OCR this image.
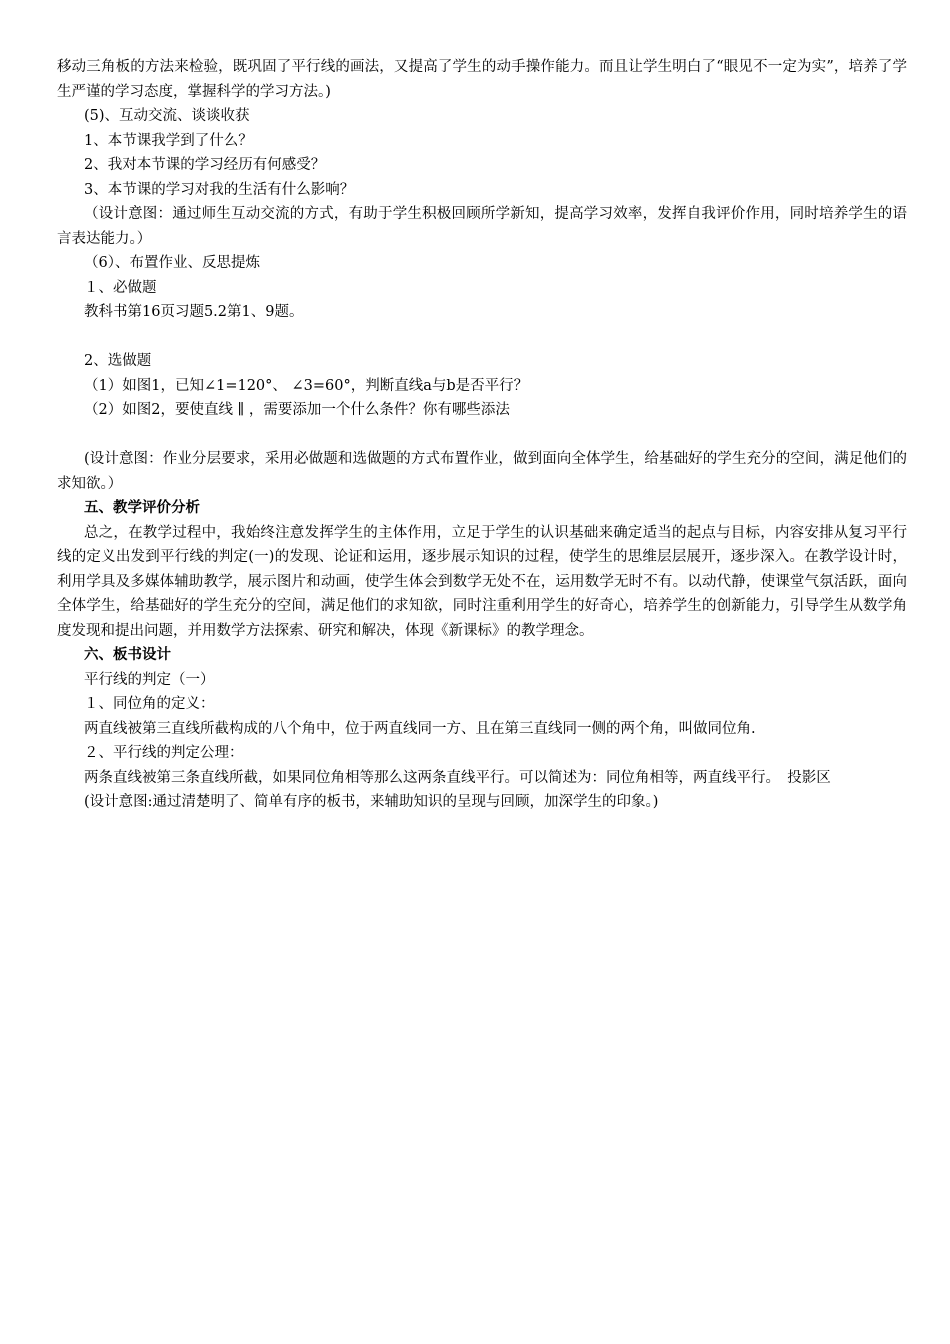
移动三角板的方法来检验，既巩固了平行线的画法，又提高了学生的动手操作能力。而且让学生明白了“眼见不一定为实”，培养了学生严谨的学习态度，掌握科学的学习方法。)

(5)、互动交流、谈谈收获

1、本节课我学到了什么？

2、我对本节课的学习经历有何感受？

3、本节课的学习对我的生活有什么影响？

（设计意图：通过师生互动交流的方式，有助于学生积极回顾所学新知，提高学习效率，发挥自我评价作用，同时培养学生的语言表达能力。）

（6）、布置作业、反思提炼

１、必做题

教科书第16页习题5.2第1、9题。

2、选做题

（1）如图1，已知∠1=120°、 ∠3=60°，判断直线a与b是否平行？

（2）如图2，要使直线 ∥ ，需要添加一个什么条件？你有哪些添法

(设计意图：作业分层要求，采用必做题和选做题的方式布置作业，做到面向全体学生，给基础好的学生充分的空间，满足他们的求知欲。）

五、教学评价分析

总之，在教学过程中，我始终注意发挥学生的主体作用，立足于学生的认识基础来确定适当的起点与目标，内容安排从复习平行线的定义出发到平行线的判定(一)的发现、论证和运用，逐步展示知识的过程，使学生的思维层层展开，逐步深入。在教学设计时，利用学具及多媒体辅助教学，展示图片和动画，使学生体会到数学无处不在，运用数学无时不有。以动代静，使课堂气氛活跃，面向全体学生，给基础好的学生充分的空间，满足他们的求知欲，同时注重利用学生的好奇心，培养学生的创新能力，引导学生从数学角度发现和提出问题，并用数学方法探索、研究和解决，体现《新课标》的教学理念。

六、板书设计

平行线的判定（一）

１、同位角的定义：

两直线被第三直线所截构成的八个角中，位于两直线同一方、且在第三直线同一侧的两个角，叫做同位角.

２、平行线的判定公理：

两条直线被第三条直线所截，如果同位角相等那么这两条直线平行。可以简述为：同位角相等，两直线平行。　投影区

(设计意图:通过清楚明了、简单有序的板书，来辅助知识的呈现与回顾，加深学生的印象。)
